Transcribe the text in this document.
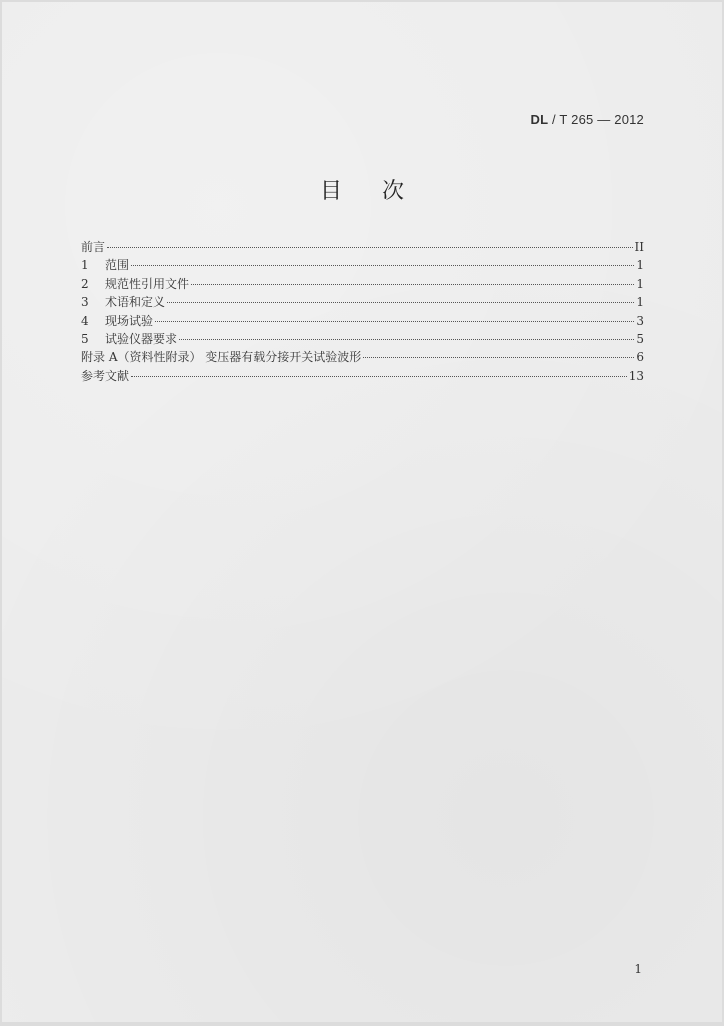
DL / T 265 — 2012
目次
前言	II
1	范围	1
2	规范性引用文件	1
3	术语和定义	1
4	现场试验	3
5	试验仪器要求	5
附录 A（资料性附录） 变压器有载分接开关试验波形	6
参考文献	13
1
